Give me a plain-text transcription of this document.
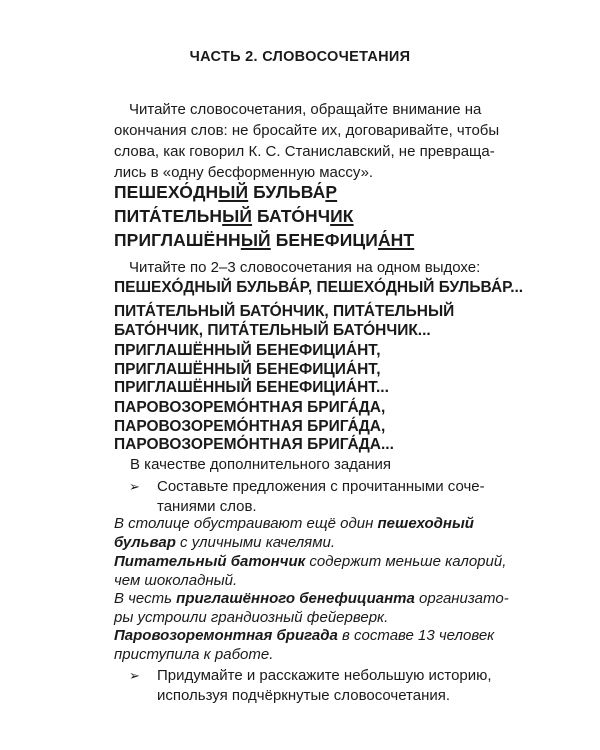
ЧАСТЬ 2. СЛОВОСОЧЕТАНИЯ

Читайте словосочетания, обращайте внимание на

окончания слов: не бросайте их, договаривайте, чтобы
слова, как говорил К. С. Станиславский, не превраща-
лись в «одну бесформенную массу».
ПЕШЕХО́ДНЫЙ БУЛЬВА́Р
ПИТА́ТЕЛЬНЫЙ БАТО́НЧИК
ПРИГЛАШЁННЫЙ БЕНЕФИЦИА́НТ
Читайте по 2–3 словосочетания на одном выдохе:
ПЕШЕХО́ДНЫЙ БУЛЬВА́Р, ПЕШЕХО́ДНЫЙ БУЛЬВА́Р...
ПИТА́ТЕЛЬНЫЙ БАТО́НЧИК, ПИТА́ТЕЛЬНЫЙ
БАТО́НЧИК, ПИТА́ТЕЛЬНЫЙ БАТО́НЧИК...
ПРИГЛАШЁННЫЙ БЕНЕФИЦИА́НТ,
ПРИГЛАШЁННЫЙ БЕНЕФИЦИА́НТ,
ПРИГЛАШЁННЫЙ БЕНЕФИЦИА́НТ...
ПАРОВОЗОРЕМО́НТНАЯ БРИГА́ДА,
ПАРОВОЗОРЕМО́НТНАЯ БРИГА́ДА,
ПАРОВОЗОРЕМО́НТНАЯ БРИГА́ДА...
В качестве дополнительного задания
➢ Составьте предложения с прочитанными сочe-
таниями слов.
В столице обустраивают ещё один пешеходный
бульвар с уличными качелями.
Питательный батончик содержит меньше калорий,
чем шоколадный.
В честь приглашённого бенефицианта организато-
ры устроили грандиозный фейерверк.
Паровозоремонтная бригада в составе 13 человек
приступила к работе.
➢ Придумайте и расскажите небольшую историю,
используя подчёркнутые словосочетания.
